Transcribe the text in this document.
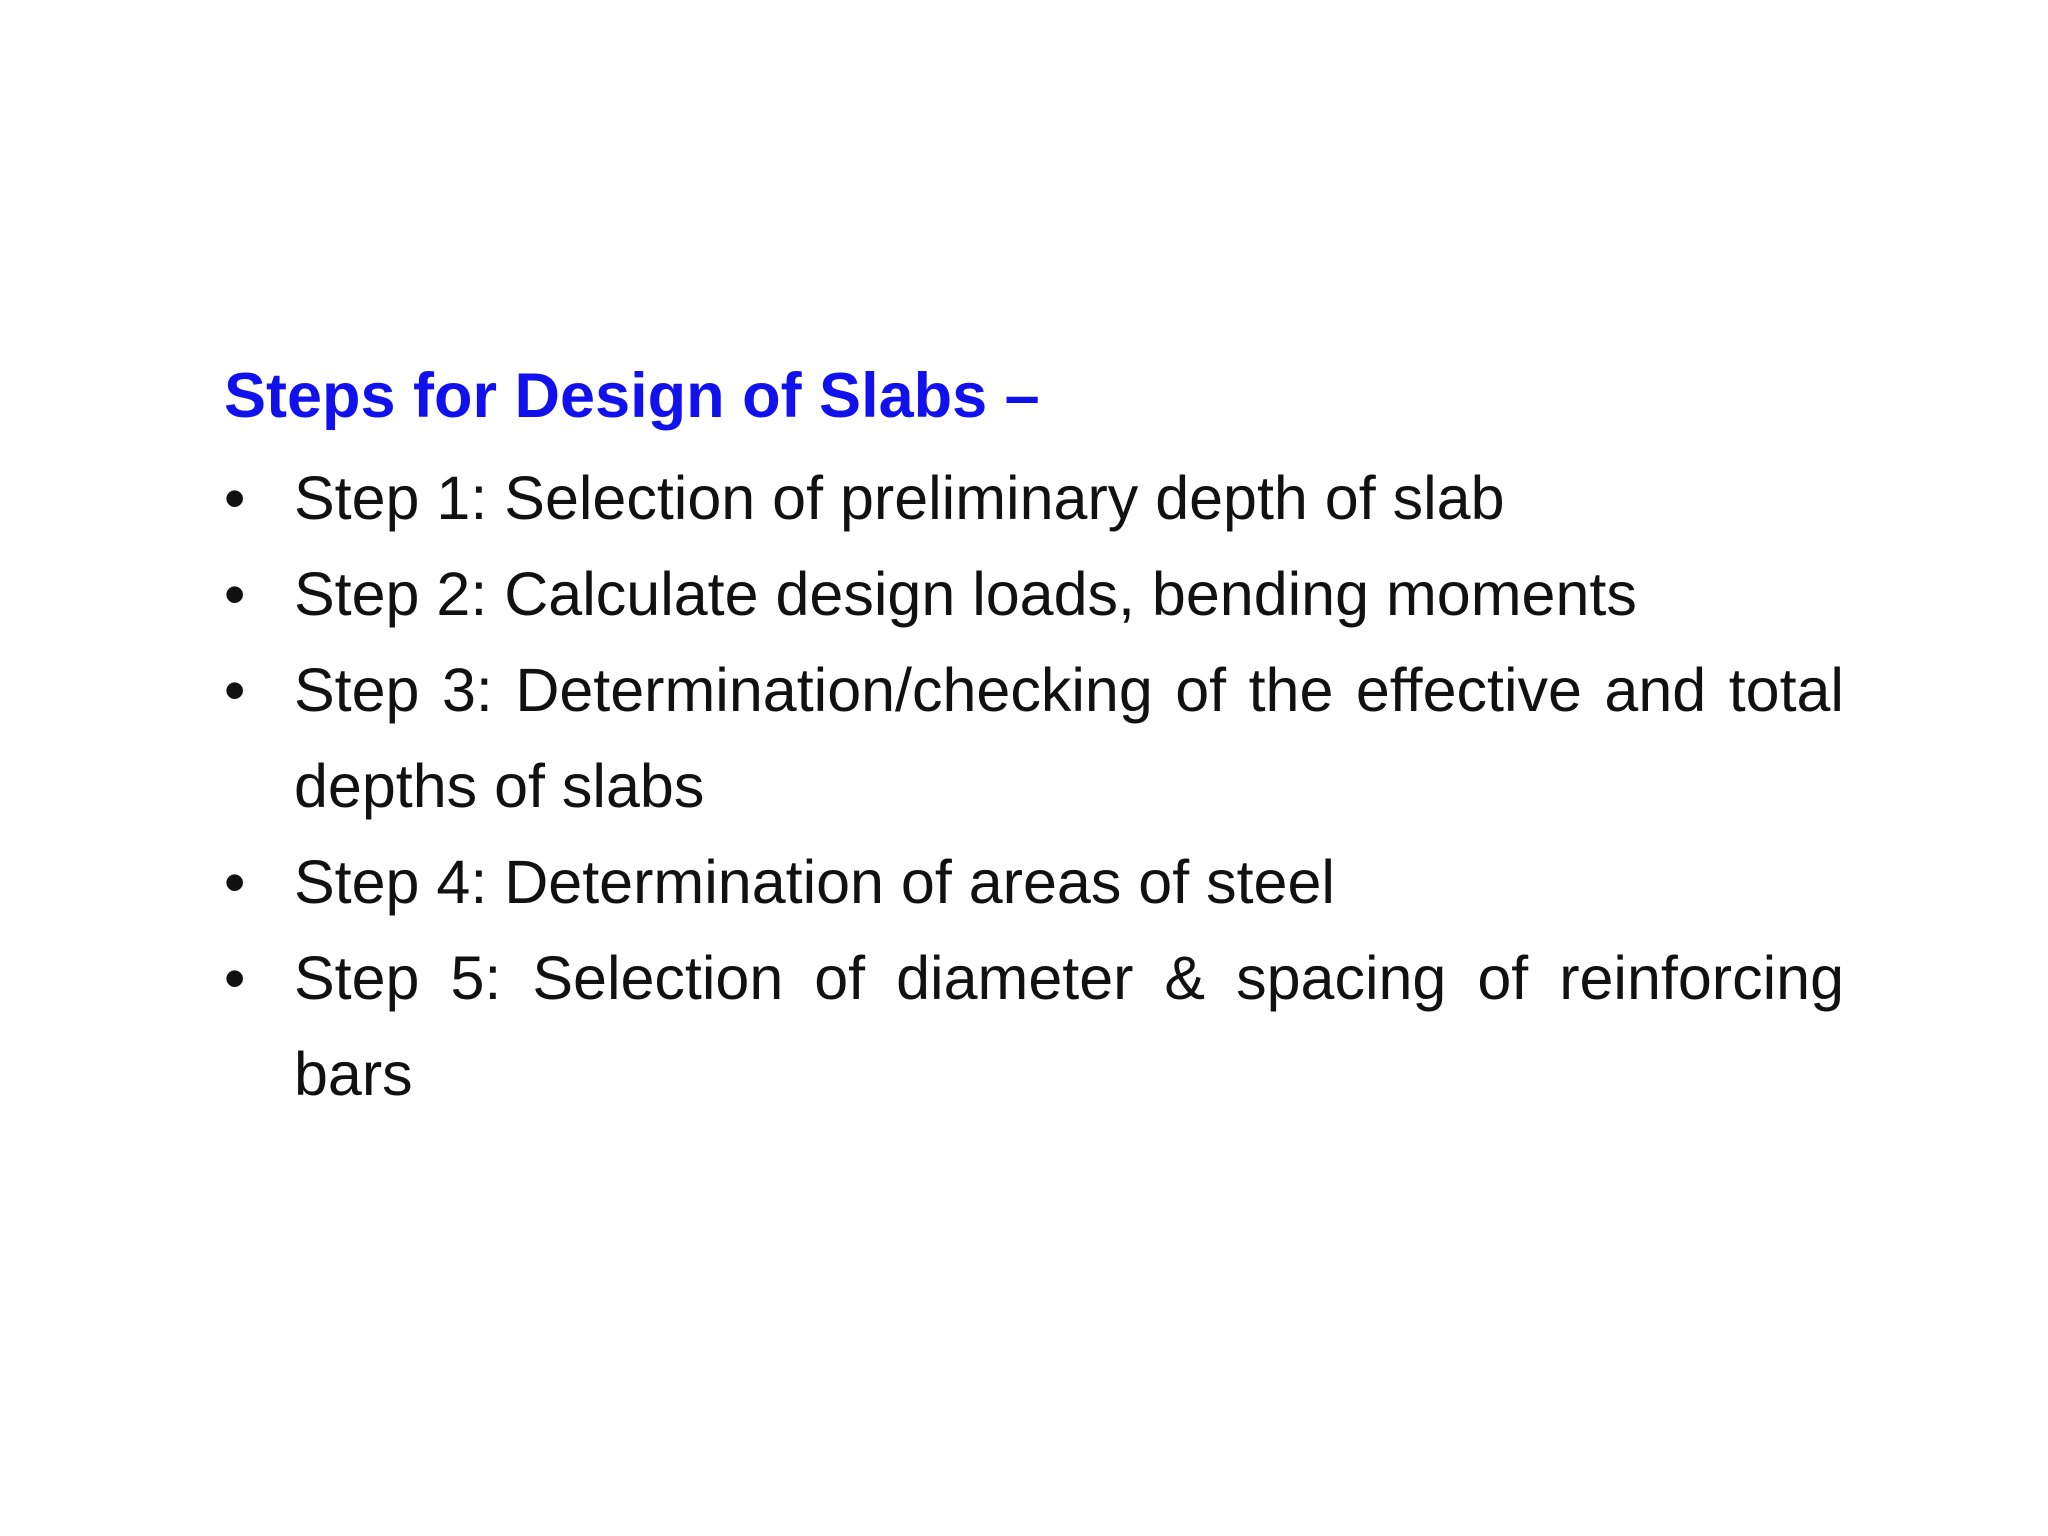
Steps for Design of Slabs –
• Step 1: Selection of preliminary depth of slab
• Step 2: Calculate design loads, bending moments
• Step 3: Determination/checking of the effective and total depths of slabs
• Step 4: Determination of areas of steel
• Step 5: Selection of diameter & spacing of reinforcing bars
